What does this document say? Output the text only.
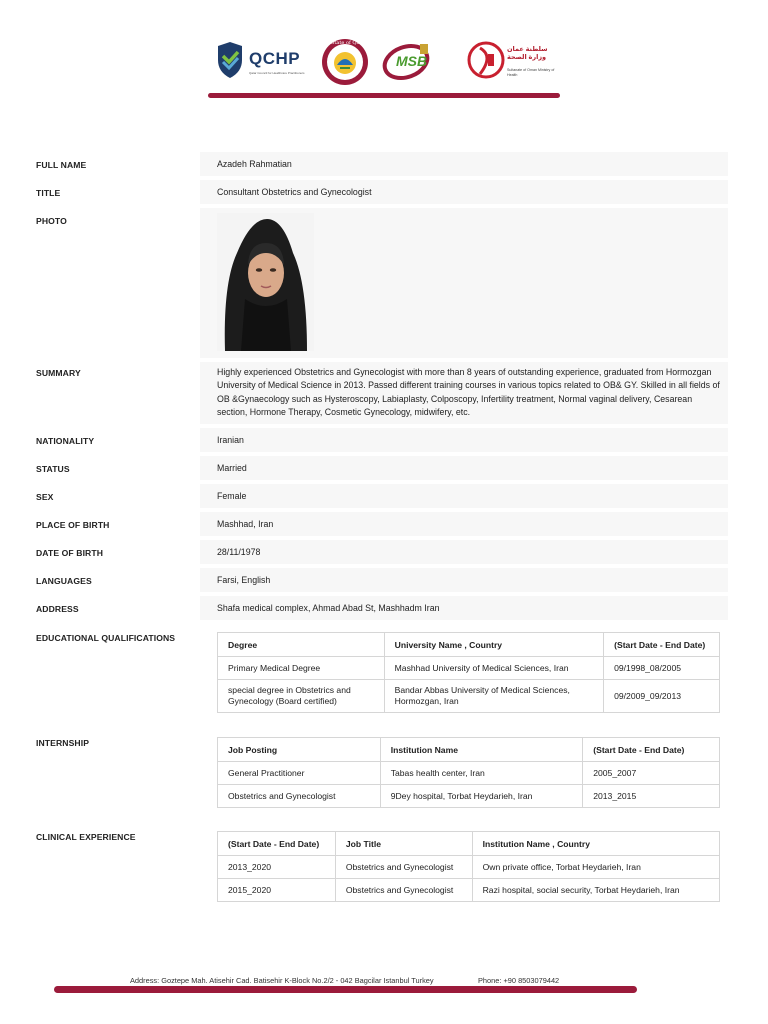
QCHP
Qatar Council for Healthcare Practitioners
State of Qatar
MSB
سلطنة عمان وزارة الصحة
Sultanate of Oman Ministry of Health
FULL NAME	Azadeh Rahmatian
TITLE	Consultant Obstetrics and Gynecologist
PHOTO
SUMMARY	Highly experienced Obstetrics and Gynecologist with more than 8 years of outstanding experience, graduated from Hormozgan University of Medical Science in 2013. Passed different training courses in various topics related to OB& GY. Skilled in all fields of OB &Gynaecology such as Hysteroscopy, Labiaplasty, Colposcopy, Infertility treatment, Normal vaginal delivery, Cesarean section, Hormone Therapy, Cosmetic Gynecology, midwifery, etc.
NATIONALITY	Iranian
STATUS	Married
SEX	Female
PLACE OF BIRTH	Mashhad, Iran
DATE OF BIRTH	28/11/1978
LANGUAGES	Farsi, English
ADDRESS	Shafa medical complex, Ahmad Abad St, Mashhadm Iran
EDUCATIONAL QUALIFICATIONS
Degree	University Name , Country	(Start Date - End Date)
Primary Medical Degree	Mashhad University of Medical Sciences, Iran	09/1998_08/2005
special degree in Obstetrics and Gynecology (Board certified)	Bandar Abbas University of Medical Sciences, Hormozgan, Iran	09/2009_09/2013
INTERNSHIP
Job Posting	Institution Name	(Start Date - End Date)
General Practitioner	Tabas health center, Iran	2005_2007
Obstetrics and Gynecologist	9Dey hospital, Torbat Heydarieh, Iran	2013_2015
CLINICAL EXPERIENCE
(Start Date - End Date)	Job Title	Institution Name , Country
2013_2020	Obstetrics and Gynecologist	Own private office, Torbat Heydarieh, Iran
2015_2020	Obstetrics and Gynecologist	Razi hospital, social security, Torbat Heydarieh, Iran
Address: Goztepe Mah. Atisehir Cad. Batisehir K-Block No.2/2 - 042 Bagcilar Istanbul Turkey	Phone: +90 8503079442
